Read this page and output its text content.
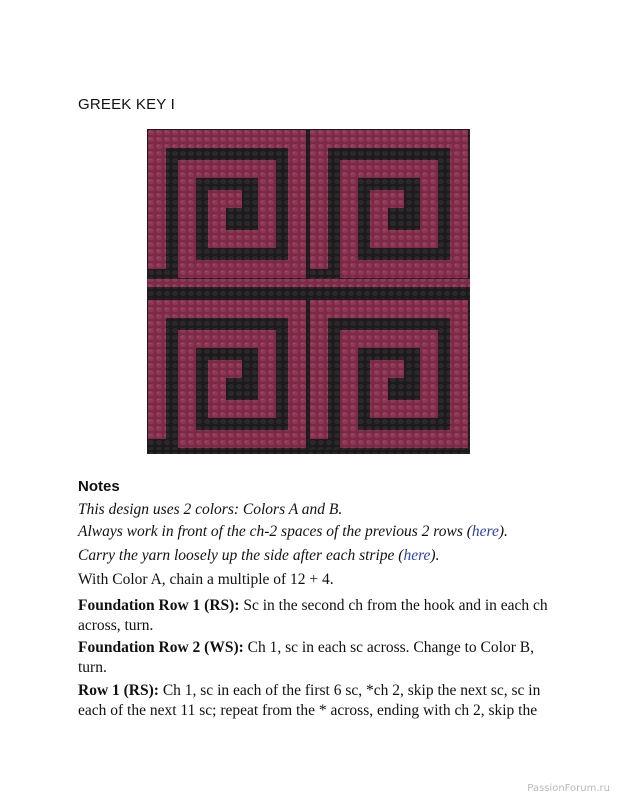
GREEK KEY I
Notes
This design uses 2 colors: Colors A and B.
Always work in front of the ch-2 spaces of the previous 2 rows (here).
Carry the yarn loosely up the side after each stripe (here).
With Color A, chain a multiple of 12 + 4.
Foundation Row 1 (RS): Sc in the second ch from the hook and in each ch across, turn.
Foundation Row 2 (WS): Ch 1, sc in each sc across. Change to Color B, turn.
Row 1 (RS): Ch 1, sc in each of the first 6 sc, *ch 2, skip the next sc, sc in each of the next 11 sc; repeat from the * across, ending with ch 2, skip the
PassionForum.ru
